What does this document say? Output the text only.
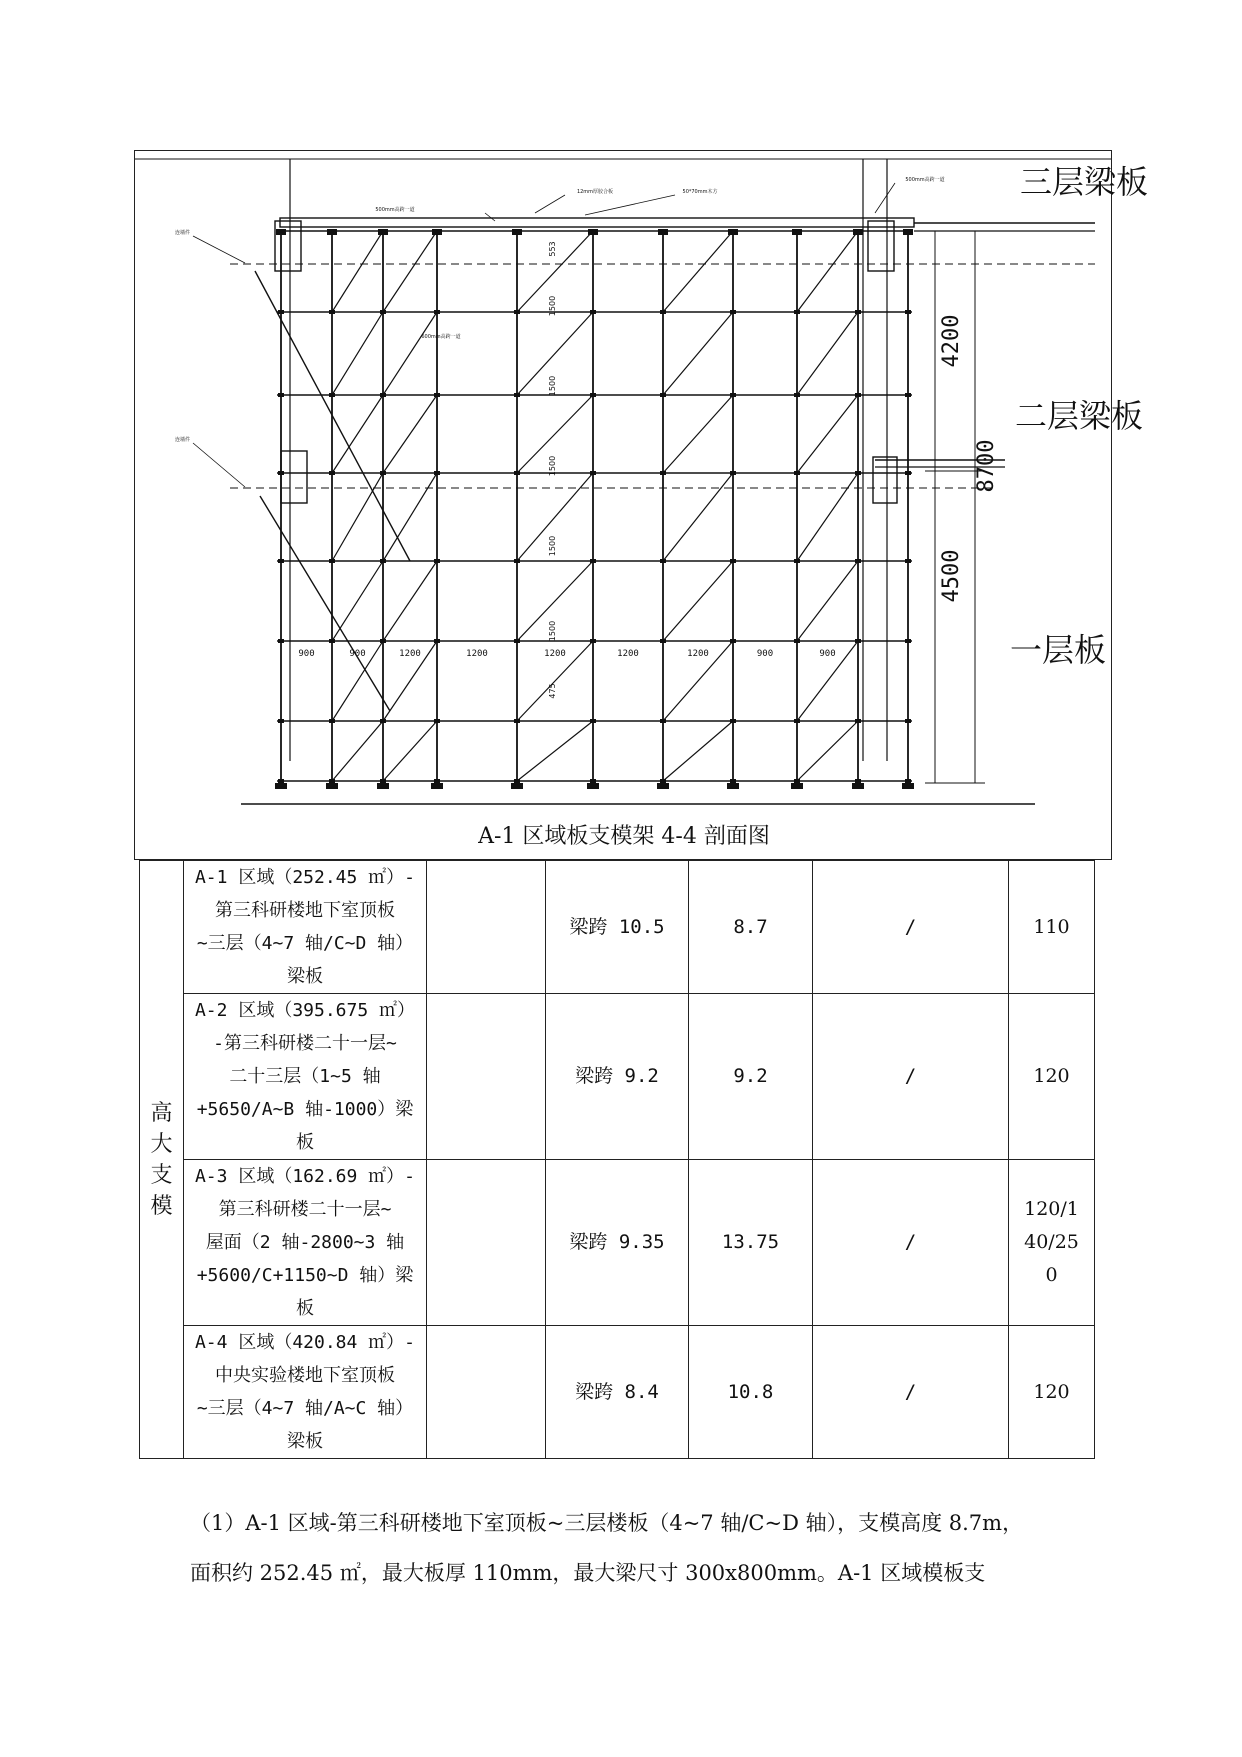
4200
8700
4500
三层梁板
二层梁板
一层板
900	900	1200	1200	1200	1200	1200	900	900
553
1500
1500
1500
1500
1500
475
500mm高跨一道
12mm厚胶合板	50*70mm木方
500mm高跨一道
600mm高跨一道
连墙件
连墙件
A-1 区域板支模架 4-4 剖面图
高
大
支
模	A-1 区域（252.45 ㎡）-
第三科研楼地下室顶板
~三层（4~7 轴/C~D 轴）
梁板		梁跨 10.5	8.7	/	110
	A-2 区域（395.675 ㎡）
-第三科研楼二十一层~
二十三层（1~5 轴
+5650/A~B 轴-1000）梁
板		梁跨 9.2	9.2	/	120
	A-3 区域（162.69 ㎡）-
第三科研楼二十一层~
屋面（2 轴-2800~3 轴
+5600/C+1150~D 轴）梁
板		梁跨 9.35	13.75	/	120/1
40/25
0
	A-4 区域（420.84 ㎡）-
中央实验楼地下室顶板
~三层（4~7 轴/A~C 轴）
梁板		梁跨 8.4	10.8	/	120
（1）A-1 区域-第三科研楼地下室顶板~三层楼板（4~7 轴/C~D 轴），支模高度 8.7m，
面积约 252.45 ㎡，最大板厚 110mm，最大梁尺寸 300x800mm。A-1 区域模板支
